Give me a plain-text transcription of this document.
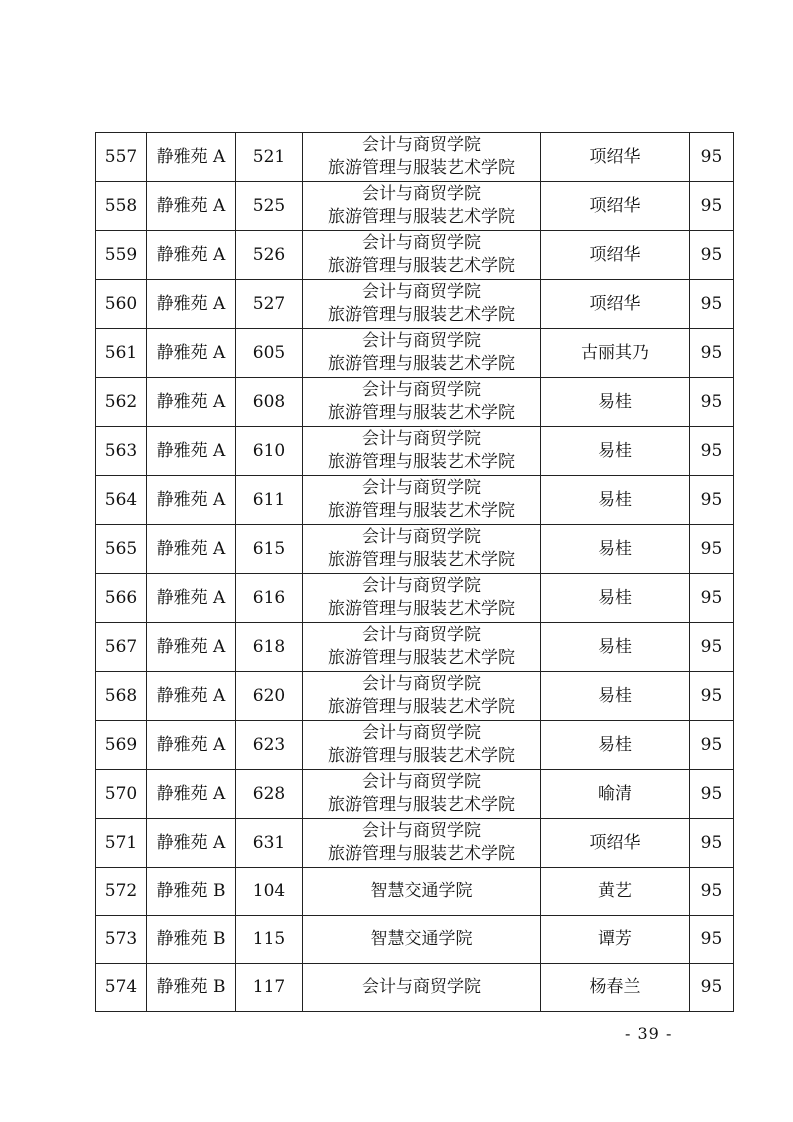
557	静雅苑 A	521	会计与商贸学院
旅游管理与服装艺术学院	项绍华	95
558	静雅苑 A	525	会计与商贸学院
旅游管理与服装艺术学院	项绍华	95
559	静雅苑 A	526	会计与商贸学院
旅游管理与服装艺术学院	项绍华	95
560	静雅苑 A	527	会计与商贸学院
旅游管理与服装艺术学院	项绍华	95
561	静雅苑 A	605	会计与商贸学院
旅游管理与服装艺术学院	古丽其乃	95
562	静雅苑 A	608	会计与商贸学院
旅游管理与服装艺术学院	易桂	95
563	静雅苑 A	610	会计与商贸学院
旅游管理与服装艺术学院	易桂	95
564	静雅苑 A	611	会计与商贸学院
旅游管理与服装艺术学院	易桂	95
565	静雅苑 A	615	会计与商贸学院
旅游管理与服装艺术学院	易桂	95
566	静雅苑 A	616	会计与商贸学院
旅游管理与服装艺术学院	易桂	95
567	静雅苑 A	618	会计与商贸学院
旅游管理与服装艺术学院	易桂	95
568	静雅苑 A	620	会计与商贸学院
旅游管理与服装艺术学院	易桂	95
569	静雅苑 A	623	会计与商贸学院
旅游管理与服装艺术学院	易桂	95
570	静雅苑 A	628	会计与商贸学院
旅游管理与服装艺术学院	喻清	95
571	静雅苑 A	631	会计与商贸学院
旅游管理与服装艺术学院	项绍华	95
572	静雅苑 B	104	智慧交通学院	黄艺	95
573	静雅苑 B	115	智慧交通学院	谭芳	95
574	静雅苑 B	117	会计与商贸学院	杨春兰	95
- 39 -
